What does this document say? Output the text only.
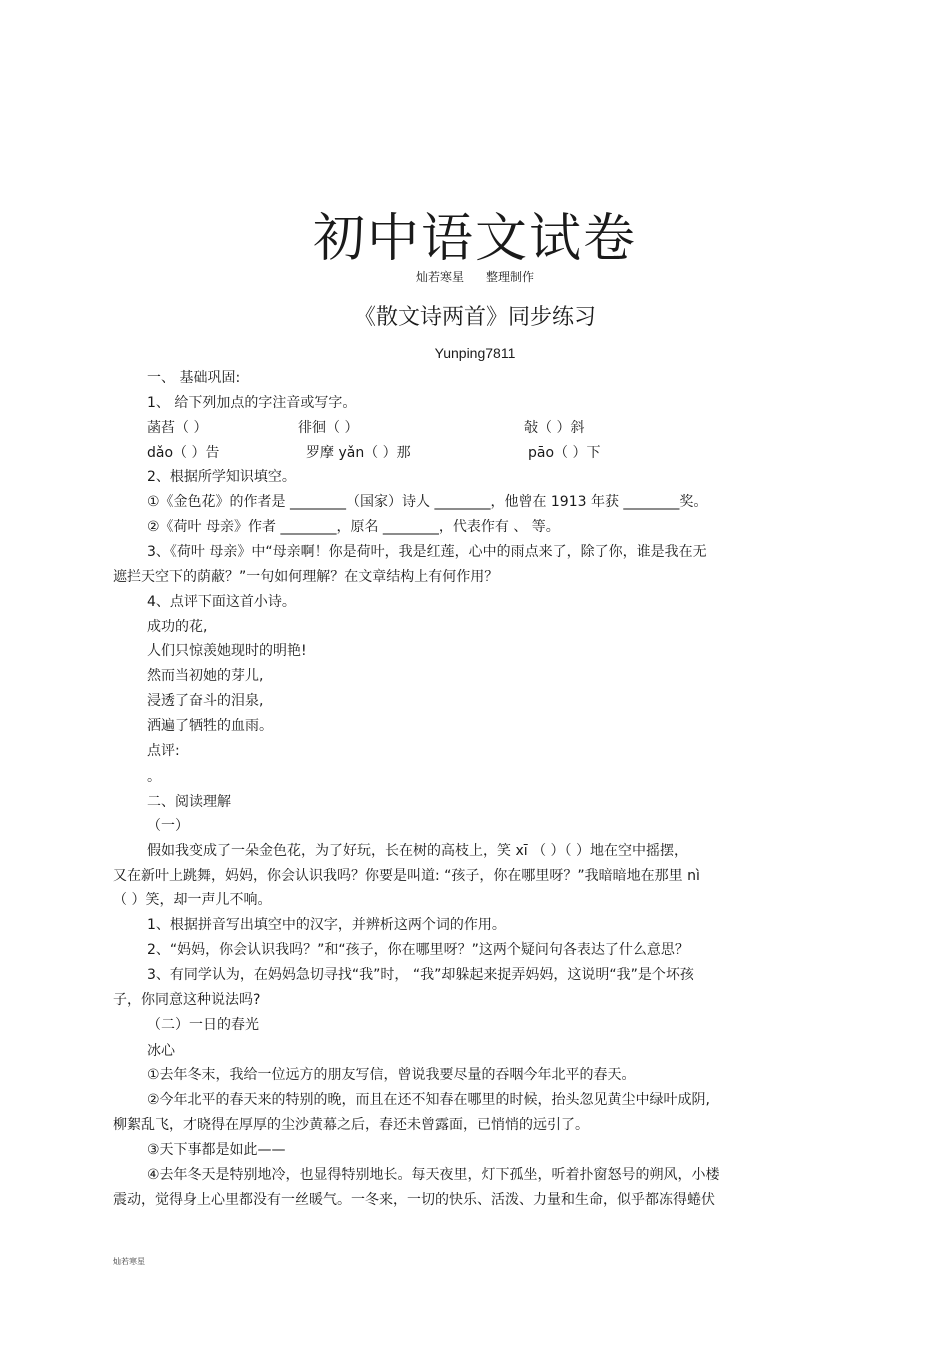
初中语文试卷
灿若寒星 整理制作
《散文诗两首》同步练习
Yunping7811
一、 基础巩固:
1、 给下列加点的字注音或写字。
菡萏（ ）	徘徊（ ）	敧（ ）斜
dǎo（ ）告	罗摩 yǎn（ ）那	pāo（ ）下
2、根据所学知识填空。
①《金色花》的作者是 ________（国家）诗人 ________，他曾在 1913 年获 ________奖。
②《荷叶 母亲》作者 ________，原名 ________，代表作有 、 等。
3、《荷叶 母亲》中“母亲啊！你是荷叶，我是红莲，心中的雨点来了，除了你，谁是我在无
遮拦天空下的荫蔽？”一句如何理解？在文章结构上有何作用？
4、点评下面这首小诗。
成功的花,
人们只惊羡她现时的明艳!
然而当初她的芽儿,
浸透了奋斗的泪泉,
洒遍了牺牲的血雨。
点评:
。
二、阅读理解
（一）
假如我变成了一朵金色花，为了好玩，长在树的高枝上，笑 xī （ ）（ ）地在空中摇摆，
又在新叶上跳舞，妈妈，你会认识我吗？你要是叫道: “孩子，你在哪里呀？”我暗暗地在那里 nì
（ ）笑，却一声儿不响。
1、根据拼音写出填空中的汉字，并辨析这两个词的作用。
2、“妈妈，你会认识我吗？”和“孩子，你在哪里呀？”这两个疑问句各表达了什么意思？
3、有同学认为，在妈妈急切寻找“我”时， “我”却躲起来捉弄妈妈，这说明“我”是个坏孩
子，你同意这种说法吗?
（二）一日的春光
冰心
①去年冬末，我给一位远方的朋友写信，曾说我要尽量的吞咽今年北平的春天。
②今年北平的春天来的特别的晚，而且在还不知春在哪里的时候，抬头忽见黄尘中绿叶成阴,
柳絮乱飞，才晓得在厚厚的尘沙黄幕之后，春还未曾露面，已悄悄的远引了。
③天下事都是如此——
④去年冬天是特别地冷，也显得特别地长。每天夜里，灯下孤坐，听着扑窗怒号的朔风，小楼
震动，觉得身上心里都没有一丝暖气。一冬来，一切的快乐、活泼、力量和生命，似乎都冻得蜷伏
灿若寒星
